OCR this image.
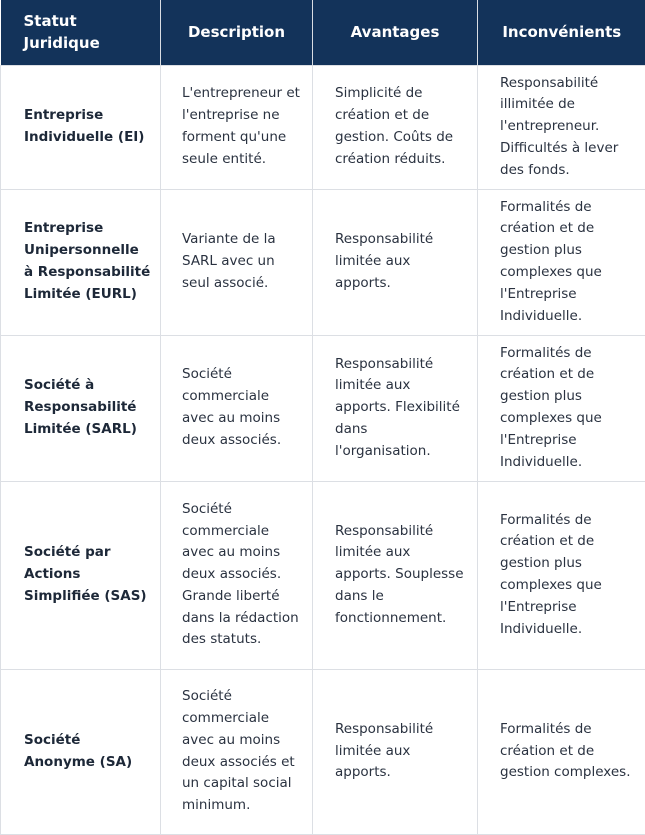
Statut Juridique	Description	Avantages	Inconvénients
Entreprise Individuelle (EI)	L'entrepreneur et l'entreprise ne forment qu'une seule entité.	Simplicité de création et de gestion. Coûts de création réduits.	Responsabilité illimitée de l'entrepreneur. Difficultés à lever des fonds.
Entreprise Unipersonnelle à Responsabilité Limitée (EURL)	Variante de la SARL avec un seul associé.	Responsabilité limitée aux apports.	Formalités de création et de gestion plus complexes que l'Entreprise Individuelle.
Société à Responsabilité Limitée (SARL)	Société commerciale avec au moins deux associés.	Responsabilité limitée aux apports. Flexibilité dans l'organisation.	Formalités de création et de gestion plus complexes que l'Entreprise Individuelle.
Société par Actions Simplifiée (SAS)	Société commerciale avec au moins deux associés. Grande liberté dans la rédaction des statuts.	Responsabilité limitée aux apports. Souplesse dans le fonctionnement.	Formalités de création et de gestion plus complexes que l'Entreprise Individuelle.
Société Anonyme (SA)	Société commerciale avec au moins deux associés et un capital social minimum.	Responsabilité limitée aux apports.	Formalités de création et de gestion complexes.
